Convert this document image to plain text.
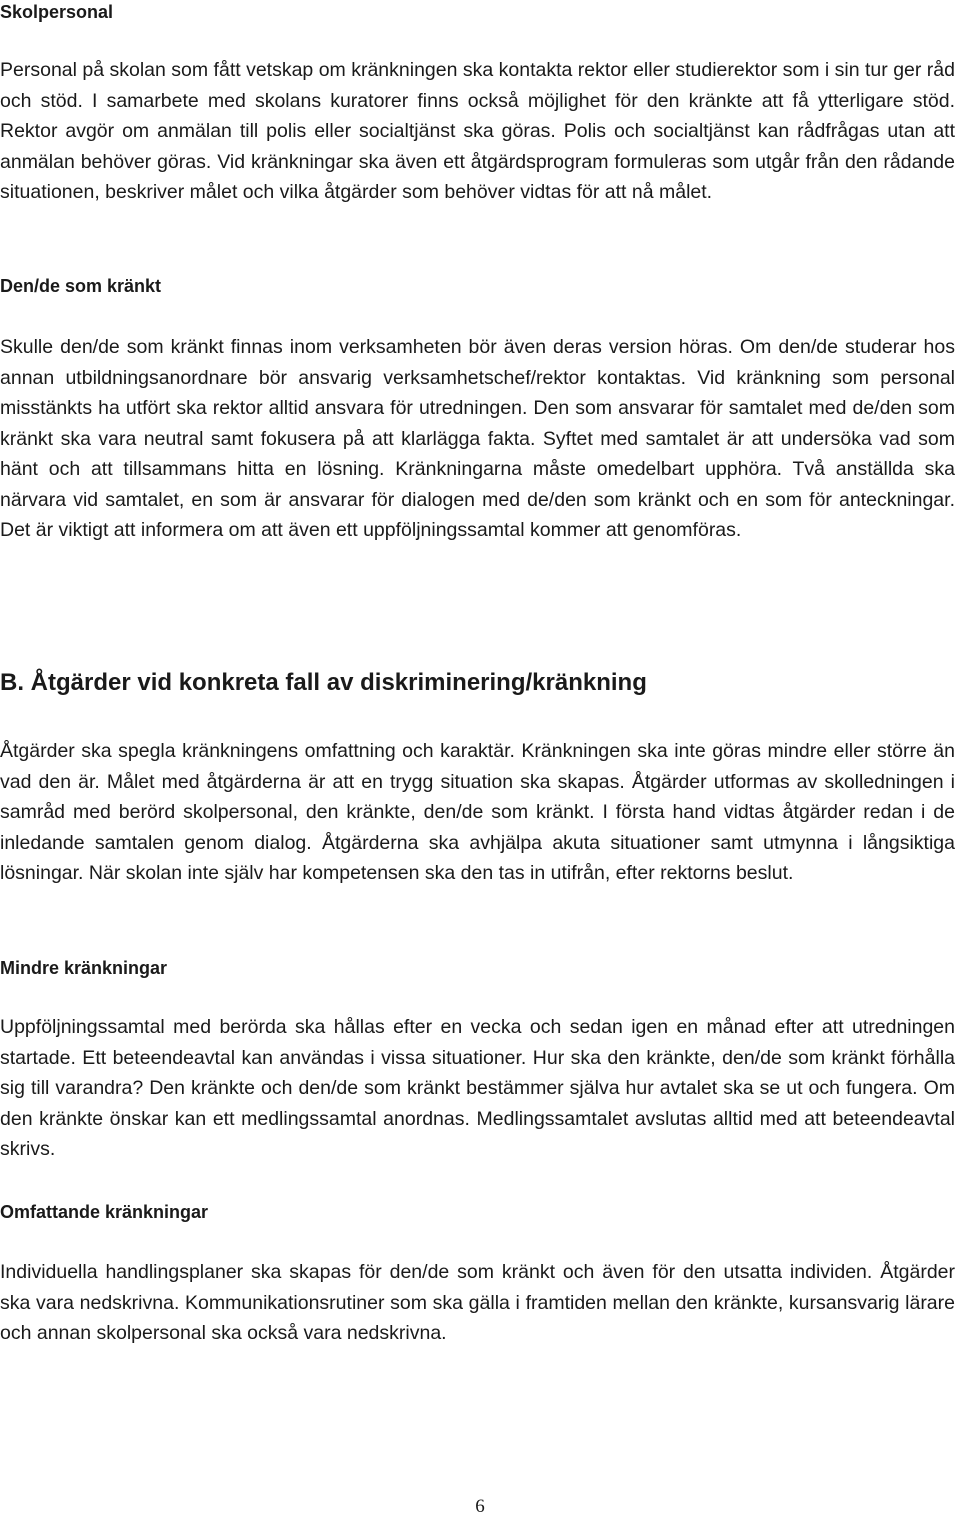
Skolpersonal

Personal på skolan som fått vetskap om kränkningen ska kontakta rektor eller studierektor som i sin tur ger råd och stöd. I samarbete med skolans kuratorer finns också möjlighet för den kränkte att få ytterligare stöd. Rektor avgör om anmälan till polis eller socialtjänst ska göras. Polis och socialtjänst kan rådfrågas utan att anmälan behöver göras. Vid kränkningar ska även ett åtgärdsprogram formuleras som utgår från den rådande situationen, beskriver målet och vilka åtgärder som behöver vidtas för att nå målet.

Den/de som kränkt

Skulle den/de som kränkt finnas inom verksamheten bör även deras version höras. Om den/de studerar hos annan utbildningsanordnare bör ansvarig verksamhetschef/rektor kontaktas. Vid kränkning som personal misstänkts ha utfört ska rektor alltid ansvara för utredningen. Den som ansvarar för samtalet med de/den som kränkt ska vara neutral samt fokusera på att klarlägga fakta. Syftet med samtalet är att undersöka vad som hänt och att tillsammans hitta en lösning. Kränkningarna måste omedelbart upphöra. Två anställda ska närvara vid samtalet, en som är ansvarar för dialogen med de/den som kränkt och en som för anteckningar. Det är viktigt att informera om att även ett uppföljningssamtal kommer att genomföras.

B. Åtgärder vid konkreta fall av diskriminering/kränkning

Åtgärder ska spegla kränkningens omfattning och karaktär. Kränkningen ska inte göras mindre eller större än vad den är. Målet med åtgärderna är att en trygg situation ska skapas. Åtgärder utformas av skolledningen i samråd med berörd skolpersonal, den kränkte, den/de som kränkt. I första hand vidtas åtgärder redan i de inledande samtalen genom dialog. Åtgärderna ska avhjälpa akuta situationer samt utmynna i långsiktiga lösningar. När skolan inte själv har kompetensen ska den tas in utifrån, efter rektorns beslut.

Mindre kränkningar

Uppföljningssamtal med berörda ska hållas efter en vecka och sedan igen en månad efter att utredningen startade. Ett beteendeavtal kan användas i vissa situationer. Hur ska den kränkte, den/de som kränkt förhålla sig till varandra? Den kränkte och den/de som kränkt bestämmer själva hur avtalet ska se ut och fungera. Om den kränkte önskar kan ett medlingssamtal anordnas. Medlingssamtalet avslutas alltid med att beteendeavtal skrivs.

Omfattande kränkningar

Individuella handlingsplaner ska skapas för den/de som kränkt och även för den utsatta individen. Åtgärder ska vara nedskrivna. Kommunikationsrutiner som ska gälla i framtiden mellan den kränkte, kursansvarig lärare och annan skolpersonal ska också vara nedskrivna.

6
